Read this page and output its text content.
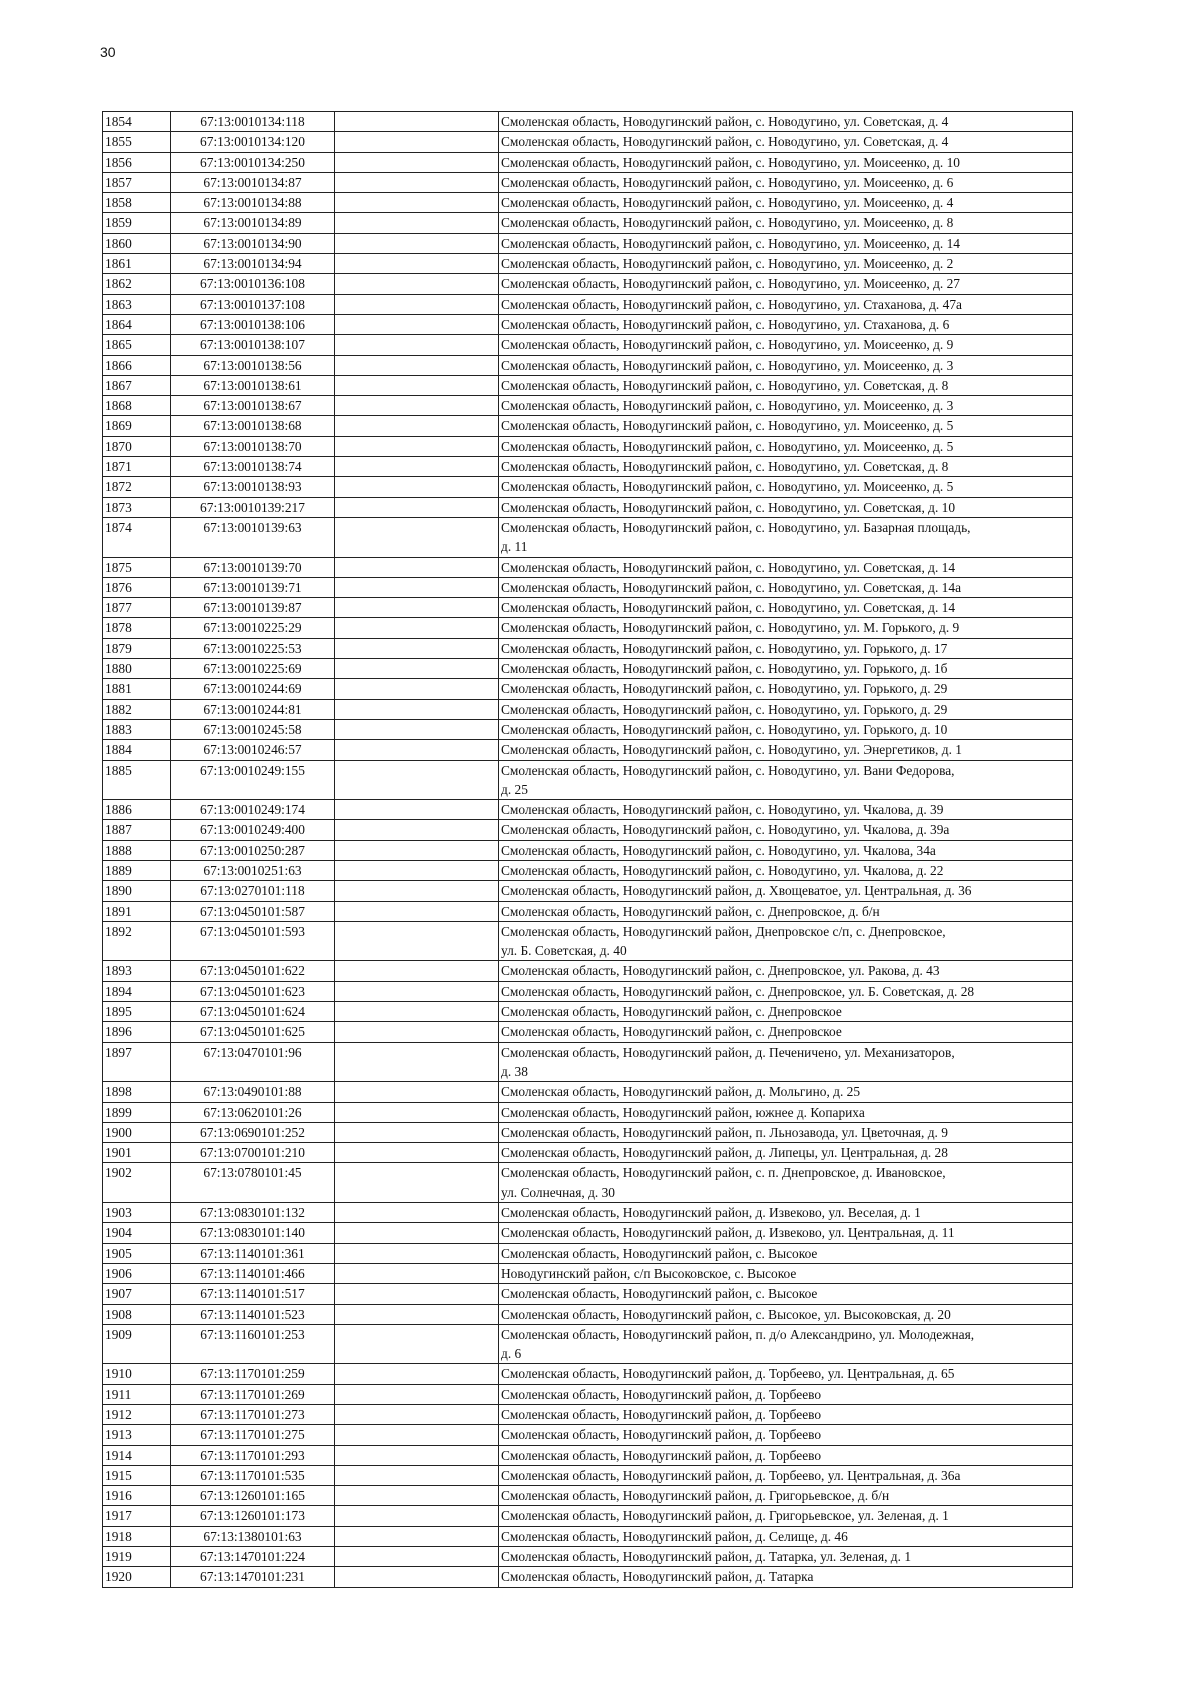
30
1854	67:13:0010134:118		Смоленская область, Новодугинский район, с. Новодугино, ул. Советская, д. 4

1855	67:13:0010134:120		Смоленская область, Новодугинский район, с. Новодугино, ул. Советская, д. 4

1856	67:13:0010134:250		Смоленская область, Новодугинский район, с. Новодугино, ул. Моисеенко, д. 10

1857	67:13:0010134:87		Смоленская область, Новодугинский район, с. Новодугино, ул. Моисеенко, д. 6

1858	67:13:0010134:88		Смоленская область, Новодугинский район, с. Новодугино, ул. Моисеенко, д. 4

1859	67:13:0010134:89		Смоленская область, Новодугинский район, с. Новодугино, ул. Моисеенко, д. 8

1860	67:13:0010134:90		Смоленская область, Новодугинский район, с. Новодугино, ул. Моисеенко, д. 14

1861	67:13:0010134:94		Смоленская область, Новодугинский район, с. Новодугино, ул. Моисеенко, д. 2

1862	67:13:0010136:108		Смоленская область, Новодугинский район, с. Новодугино, ул. Моисеенко, д. 27

1863	67:13:0010137:108		Смоленская область, Новодугинский район, с. Новодугино, ул. Стаханова, д. 47а

1864	67:13:0010138:106		Смоленская область, Новодугинский район, с. Новодугино, ул. Стаханова, д. 6

1865	67:13:0010138:107		Смоленская область, Новодугинский район, с. Новодугино, ул. Моисеенко, д. 9

1866	67:13:0010138:56		Смоленская область, Новодугинский район, с. Новодугино, ул. Моисеенко, д. 3

1867	67:13:0010138:61		Смоленская область, Новодугинский район, с. Новодугино, ул. Советская, д. 8

1868	67:13:0010138:67		Смоленская область, Новодугинский район, с. Новодугино, ул. Моисеенко, д. 3

1869	67:13:0010138:68		Смоленская область, Новодугинский район, с. Новодугино, ул. Моисеенко, д. 5

1870	67:13:0010138:70		Смоленская область, Новодугинский район, с. Новодугино, ул. Моисеенко, д. 5

1871	67:13:0010138:74		Смоленская область, Новодугинский район, с. Новодугино, ул. Советская, д. 8

1872	67:13:0010138:93		Смоленская область, Новодугинский район, с. Новодугино, ул. Моисеенко, д. 5

1873	67:13:0010139:217		Смоленская область, Новодугинский район, с. Новодугино, ул. Советская, д. 10

1874	67:13:0010139:63		Смоленская область, Новодугинский район, с. Новодугино, ул. Базарная площадь,
д. 11

1875	67:13:0010139:70		Смоленская область, Новодугинский район, с. Новодугино, ул. Советская, д. 14

1876	67:13:0010139:71		Смоленская область, Новодугинский район, с. Новодугино, ул. Советская, д. 14а

1877	67:13:0010139:87		Смоленская область, Новодугинский район, с. Новодугино, ул. Советская, д. 14

1878	67:13:0010225:29		Смоленская область, Новодугинский район, с. Новодугино, ул. М. Горького, д. 9

1879	67:13:0010225:53		Смоленская область, Новодугинский район, с. Новодугино, ул. Горького, д. 17

1880	67:13:0010225:69		Смоленская область, Новодугинский район, с. Новодугино, ул. Горького, д. 1б

1881	67:13:0010244:69		Смоленская область, Новодугинский район, с. Новодугино, ул. Горького, д. 29

1882	67:13:0010244:81		Смоленская область, Новодугинский район, с. Новодугино, ул. Горького, д. 29

1883	67:13:0010245:58		Смоленская область, Новодугинский район, с. Новодугино, ул. Горького, д. 10

1884	67:13:0010246:57		Смоленская область, Новодугинский район, с. Новодугино, ул. Энергетиков, д. 1

1885	67:13:0010249:155		Смоленская область, Новодугинский район, с. Новодугино, ул. Вани Федорова,
д. 25

1886	67:13:0010249:174		Смоленская область, Новодугинский район, с. Новодугино, ул. Чкалова, д. 39

1887	67:13:0010249:400		Смоленская область, Новодугинский район, с. Новодугино, ул. Чкалова, д. 39а

1888	67:13:0010250:287		Смоленская область, Новодугинский район, с. Новодугино, ул. Чкалова, 34а

1889	67:13:0010251:63		Смоленская область, Новодугинский район, с. Новодугино, ул. Чкалова, д. 22

1890	67:13:0270101:118		Смоленская область, Новодугинский район, д. Хвощеватое, ул. Центральная, д. 36

1891	67:13:0450101:587		Смоленская область, Новодугинский район, с. Днепровское, д. б/н

1892	67:13:0450101:593		Смоленская область, Новодугинский район, Днепровское с/п, с. Днепровское,
ул. Б. Советская, д. 40

1893	67:13:0450101:622		Смоленская область, Новодугинский район, с. Днепровское, ул. Ракова, д. 43

1894	67:13:0450101:623		Смоленская область, Новодугинский район, с. Днепровское, ул. Б. Советская, д. 28

1895	67:13:0450101:624		Смоленская область, Новодугинский район, с. Днепровское

1896	67:13:0450101:625		Смоленская область, Новодугинский район, с. Днепровское

1897	67:13:0470101:96		Смоленская область, Новодугинский район, д. Печеничено, ул. Механизаторов,
д. 38

1898	67:13:0490101:88		Смоленская область, Новодугинский район, д. Мольгино, д. 25

1899	67:13:0620101:26		Смоленская область, Новодугинский район, южнее д. Копариха

1900	67:13:0690101:252		Смоленская область, Новодугинский район, п. Льнозавода, ул. Цветочная, д. 9

1901	67:13:0700101:210		Смоленская область, Новодугинский район, д. Липецы, ул. Центральная, д. 28

1902	67:13:0780101:45		Смоленская область, Новодугинский район, с. п. Днепровское, д. Ивановское,
ул. Солнечная, д. 30

1903	67:13:0830101:132		Смоленская область, Новодугинский район, д. Извеково, ул. Веселая, д. 1

1904	67:13:0830101:140		Смоленская область, Новодугинский район, д. Извеково, ул. Центральная, д. 11

1905	67:13:1140101:361		Смоленская область, Новодугинский район, с. Высокое

1906	67:13:1140101:466		Новодугинский район, с/п Высоковское, с. Высокое

1907	67:13:1140101:517		Смоленская область, Новодугинский район, с. Высокое

1908	67:13:1140101:523		Смоленская область, Новодугинский район, с. Высокое, ул. Высоковская, д. 20

1909	67:13:1160101:253		Смоленская область, Новодугинский район, п. д/о Александрино, ул. Молодежная,
д. 6

1910	67:13:1170101:259		Смоленская область, Новодугинский район, д. Торбеево, ул. Центральная, д. 65

1911	67:13:1170101:269		Смоленская область, Новодугинский район, д. Торбеево

1912	67:13:1170101:273		Смоленская область, Новодугинский район, д. Торбеево

1913	67:13:1170101:275		Смоленская область, Новодугинский район, д. Торбеево

1914	67:13:1170101:293		Смоленская область, Новодугинский район, д. Торбеево

1915	67:13:1170101:535		Смоленская область, Новодугинский район, д. Торбеево, ул. Центральная, д. 36а

1916	67:13:1260101:165		Смоленская область, Новодугинский район, д. Григорьевское, д. б/н

1917	67:13:1260101:173		Смоленская область, Новодугинский район, д. Григорьевское, ул. Зеленая, д. 1

1918	67:13:1380101:63		Смоленская область, Новодугинский район, д. Селище, д. 46

1919	67:13:1470101:224		Смоленская область, Новодугинский район, д. Татарка, ул. Зеленая, д. 1

1920	67:13:1470101:231		Смоленская область, Новодугинский район, д. Татарка
